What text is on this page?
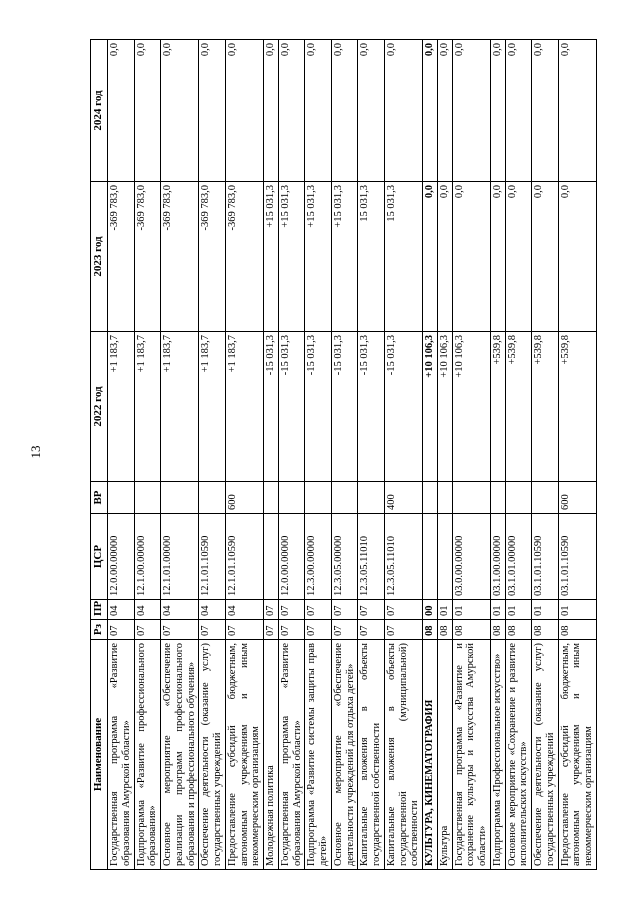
13
Наименование	Рз	ПР	ЦСР	ВР	2022 год	2023 год	2024 год
Государственная программа «Развитие образования Амурской области»	07	04	12.0.00.00000		+1 183,7	-369 783,0	0,0
Подпрограмма «Развитие профессионального образования»	07	04	12.1.00.00000		+1 183,7	-369 783,0	0,0
Основное мероприятие «Обеспечение реализации программ профессионального образования и профессионального обучения»	07	04	12.1.01.00000		+1 183,7	-369 783,0	0,0
Обеспечение деятельности (оказание услуг) государственных учреждений	07	04	12.1.01.10590		+1 183,7	-369 783,0	0,0
Предоставление субсидий бюджетным, автономным учреждениям и иным некоммерческим организациям	07	04	12.1.01.10590	600	+1 183,7	-369 783,0	0,0
Молодежная политика	07	07			-15 031,3	+15 031,3	0,0
Государственная программа «Развитие образования Амурской области»	07	07	12.0.00.00000		-15 031,3	+15 031,3	0,0
Подпрограмма «Развитие системы защиты прав детей»	07	07	12.3.00.00000		-15 031,3	+15 031,3	0,0
Основное мероприятие «Обеспечение деятельности учреждений для отдыха детей»	07	07	12.3.05.00000		-15 031,3	+15 031,3	0,0
Капитальные вложения в объекты государственной собственности	07	07	12.3.05.11010		-15 031,3	15 031,3	0,0
Капитальные вложения в объекты государственной (муниципальной) собственности	07	07	12.3.05.11010	400	-15 031,3	15 031,3	0,0
КУЛЬТУРА, КИНЕМАТОГРАФИЯ	08	00			+10 106,3	0,0	0,0
Культура	08	01			+10 106,3	0,0	0,0
Государственная программа «Развитие и сохранение культуры и искусства Амурской области»	08	01	03.0.00.00000		+10 106,3	0,0	0,0
Подпрограмма «Профессиональное искусство»	08	01	03.1.00.00000		+539,8	0,0	0,0
Основное мероприятие «Сохранение и развитие исполнительских искусств»	08	01	03.1.01.00000		+539,8	0,0	0,0
Обеспечение деятельности (оказание услуг) государственных учреждений	08	01	03.1.01.10590		+539,8	0,0	0,0
Предоставление субсидий бюджетным, автономным учреждениям и иным некоммерческим организациям	08	01	03.1.01.10590	600	+539,8	0,0	0,0
